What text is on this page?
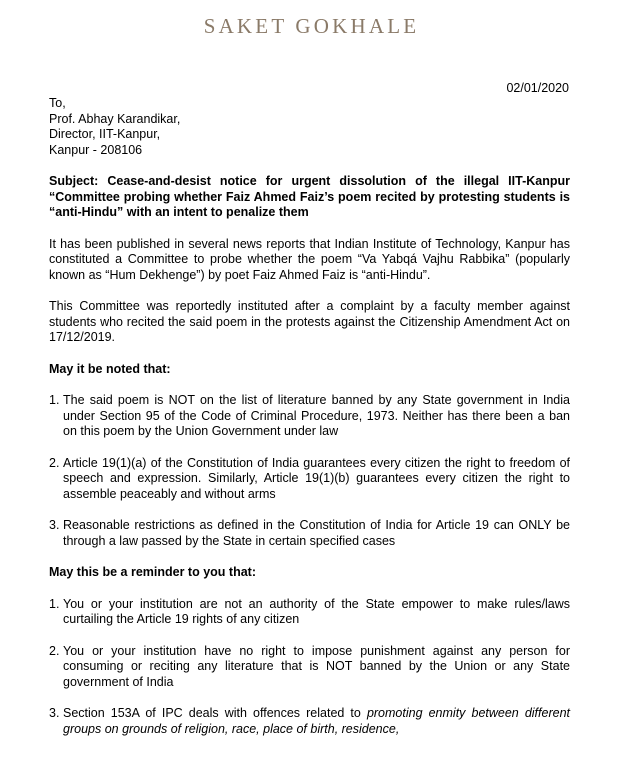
SAKET GOKHALE
02/01/2020
To,
Prof. Abhay Karandikar,
Director, IIT-Kanpur,
Kanpur - 208106
Subject: Cease-and-desist notice for urgent dissolution of the illegal IIT-Kanpur “Committee probing whether Faiz Ahmed Faiz’s poem recited by protesting students is “anti-Hindu” with an intent to penalize them

It has been published in several news reports that Indian Institute of Technology, Kanpur has constituted a Committee to probe whether the poem “Va Yabqá Vajhu Rabbika” (popularly known as “Hum Dekhenge”) by poet Faiz Ahmed Faiz is “anti-Hindu”.

This Committee was reportedly instituted after a complaint by a faculty member against students who recited the said poem in the protests against the Citizenship Amendment Act on 17/12/2019.

May it be noted that:
1. The said poem is NOT on the list of literature banned by any State government in India under Section 95 of the Code of Criminal Procedure, 1973. Neither has there been a ban on this poem by the Union Government under law
2. Article 19(1)(a) of the Constitution of India guarantees every citizen the right to freedom of speech and expression. Similarly, Article 19(1)(b) guarantees every citizen the right to assemble peaceably and without arms
3. Reasonable restrictions as defined in the Constitution of India for Article 19 can ONLY be through a law passed by the State in certain specified cases
May this be a reminder to you that:
1. You or your institution are not an authority of the State empower to make rules/laws curtailing the Article 19 rights of any citizen
2. You or your institution have no right to impose punishment against any person for consuming or reciting any literature that is NOT banned by the Union or any State government of India
3. Section 153A of IPC deals with offences related to promoting enmity between different groups on grounds of religion, race, place of birth, residence,
